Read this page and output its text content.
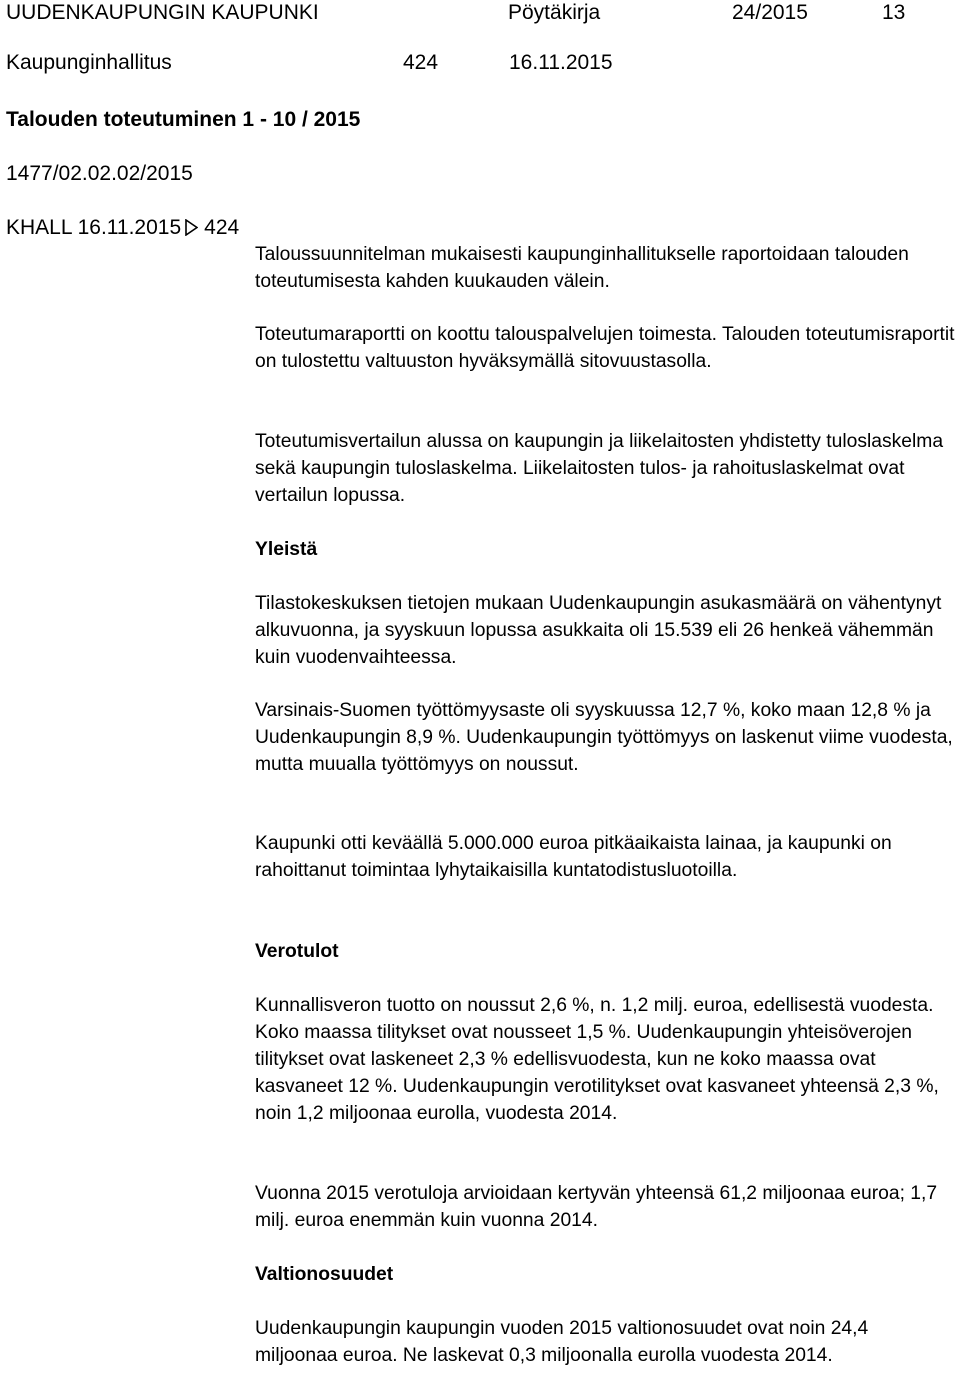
UUDENKAUPUNGIN KAUPUNKI	Pöytäkirja	24/2015	13
Kaupunginhallitus	424	16.11.2015
Talouden toteutuminen 1 - 10 / 2015
1477/02.02.02/2015
KHALL 16.11.2015 424

Taloussuunnitelman mukaisesti kaupunginhallitukselle raportoidaan talouden toteutumisesta kahden kuukauden välein.

Toteutumaraportti on koottu talouspalvelujen toimesta. Talouden toteutumisraportit on tulostettu valtuuston hyväksymällä sitovuustasolla.

Toteutumisvertailun alussa on kaupungin ja liikelaitosten yhdistetty tuloslaskelma sekä kaupungin tuloslaskelma. Liikelaitosten tulos- ja rahoituslaskelmat ovat vertailun lopussa.

Yleistä

Tilastokeskuksen tietojen mukaan Uudenkaupungin asukasmäärä on vähentynyt alkuvuonna, ja syyskuun lopussa asukkaita oli 15.539 eli 26 henkeä vähemmän kuin vuodenvaihteessa.

Varsinais-Suomen työttömyysaste oli syyskuussa 12,7 %, koko maan 12,8 % ja Uudenkaupungin 8,9 %. Uudenkaupungin työttömyys on laskenut viime vuodesta, mutta muualla työttömyys on noussut.

Kaupunki otti keväällä 5.000.000 euroa pitkäaikaista lainaa, ja kaupunki on rahoittanut toimintaa lyhytaikaisilla kuntatodistusluotoilla.

Verotulot

Kunnallisveron tuotto on noussut 2,6 %, n. 1,2 milj. euroa, edellisestä vuodesta. Koko maassa tilitykset ovat nousseet 1,5 %. Uudenkaupungin yhteisöverojen tilitykset ovat laskeneet 2,3 % edellisvuodesta, kun ne koko maassa ovat kasvaneet 12 %. Uudenkaupungin verotilitykset ovat kasvaneet yhteensä 2,3 %, noin 1,2 miljoonaa eurolla, vuodesta 2014.

Vuonna 2015 verotuloja arvioidaan kertyvän yhteensä 61,2 miljoonaa euroa; 1,7 milj. euroa enemmän kuin vuonna 2014.

Valtionosuudet

Uudenkaupungin kaupungin vuoden 2015 valtionosuudet ovat noin 24,4 miljoonaa euroa. Ne laskevat 0,3 miljoonalla eurolla vuodesta 2014.
